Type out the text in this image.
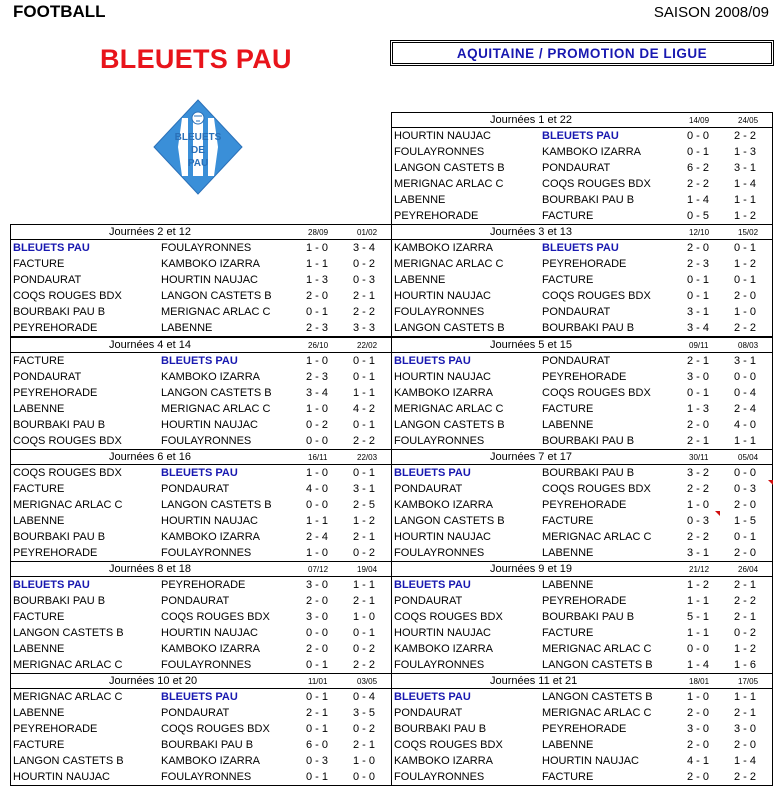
FOOTBALL	SAISON 2008/09
BLEUETS PAU	AQUITAINE / PROMOTION DE LIGUE
BLEUETS
DE
PAU
Journées 1 et 22	14/09	24/05
HOURTIN NAUJAC	BLEUETS PAU	0 - 0 2 - 2
FOULAYRONNES	KAMBOKO IZARRA	0 - 1 1 - 3
LANGON CASTETS B	PONDAURAT	6 - 2 3 - 1
MERIGNAC ARLAC C	COQS ROUGES BDX	2 - 2 1 - 4
LABENNE	BOURBAKI PAU B	1 - 4 1 - 1
PEYREHORADE	FACTURE	0 - 5 1 - 2
Journées 2 et 12	28/09	01/02
BLEUETS PAU	FOULAYRONNES	1 - 0 3 - 4
FACTURE	KAMBOKO IZARRA	1 - 1 0 - 2
PONDAURAT	HOURTIN NAUJAC	1 - 3 0 - 3
COQS ROUGES BDX	LANGON CASTETS B	2 - 0 2 - 1
BOURBAKI PAU B	MERIGNAC ARLAC C	0 - 1 2 - 2
PEYREHORADE	LABENNE	2 - 3 3 - 3
Journées 3 et 13	12/10	15/02
KAMBOKO IZARRA	BLEUETS PAU	2 - 0 0 - 1
MERIGNAC ARLAC C	PEYREHORADE	2 - 3 1 - 2
LABENNE	FACTURE	0 - 1 0 - 1
HOURTIN NAUJAC	COQS ROUGES BDX	0 - 1 2 - 0
FOULAYRONNES	PONDAURAT	3 - 1 1 - 0
LANGON CASTETS B	BOURBAKI PAU B	3 - 4 2 - 2
Journées 4 et 14	26/10	22/02
FACTURE	BLEUETS PAU	1 - 0 0 - 1
PONDAURAT	KAMBOKO IZARRA	2 - 3 0 - 1
PEYREHORADE	LANGON CASTETS B	3 - 4 1 - 1
LABENNE	MERIGNAC ARLAC C	1 - 0 4 - 2
BOURBAKI PAU B	HOURTIN NAUJAC	0 - 2 0 - 1
COQS ROUGES BDX	FOULAYRONNES	0 - 0 2 - 2
Journées 5 et 15	09/11	08/03
BLEUETS PAU	PONDAURAT	2 - 1 3 - 1
HOURTIN NAUJAC	PEYREHORADE	3 - 0 0 - 0
KAMBOKO IZARRA	COQS ROUGES BDX	0 - 1 0 - 4
MERIGNAC ARLAC C	FACTURE	1 - 3 2 - 4
LANGON CASTETS B	LABENNE	2 - 0 4 - 0
FOULAYRONNES	BOURBAKI PAU B	2 - 1 1 - 1
Journées 6 et 16	16/11	22/03
COQS ROUGES BDX	BLEUETS PAU	1 - 0 0 - 1
FACTURE	PONDAURAT	4 - 0 3 - 1
MERIGNAC ARLAC C	LANGON CASTETS B	0 - 0 2 - 5
LABENNE	HOURTIN NAUJAC	1 - 1 1 - 2
BOURBAKI PAU B	KAMBOKO IZARRA	2 - 4 2 - 1
PEYREHORADE	FOULAYRONNES	1 - 0 0 - 2
Journées 7 et 17	30/11	05/04
BLEUETS PAU	BOURBAKI PAU B	3 - 2 0 - 0
PONDAURAT	COQS ROUGES BDX	2 - 2 0 - 3
KAMBOKO IZARRA	PEYREHORADE	1 - 0 2 - 0
LANGON CASTETS B	FACTURE	0 - 3 1 - 5
HOURTIN NAUJAC	MERIGNAC ARLAC C	2 - 2 0 - 1
FOULAYRONNES	LABENNE	3 - 1 2 - 0
Journées 8 et 18	07/12	19/04
BLEUETS PAU	PEYREHORADE	3 - 0 1 - 1
BOURBAKI PAU B	PONDAURAT	2 - 0 2 - 1
FACTURE	COQS ROUGES BDX	3 - 0 1 - 0
LANGON CASTETS B	HOURTIN NAUJAC	0 - 0 0 - 1
LABENNE	KAMBOKO IZARRA	2 - 0 0 - 2
MERIGNAC ARLAC C	FOULAYRONNES	0 - 1 2 - 2
Journées 9 et 19	21/12	26/04
BLEUETS PAU	LABENNE	1 - 2 2 - 1
PONDAURAT	PEYREHORADE	1 - 1 2 - 2
COQS ROUGES BDX	BOURBAKI PAU B	5 - 1 2 - 1
HOURTIN NAUJAC	FACTURE	1 - 1 0 - 2
KAMBOKO IZARRA	MERIGNAC ARLAC C	0 - 0 1 - 2
FOULAYRONNES	LANGON CASTETS B	1 - 4 1 - 6
Journées 10 et 20	11/01	03/05
MERIGNAC ARLAC C	BLEUETS PAU	0 - 1 0 - 4
LABENNE	PONDAURAT	2 - 1 3 - 5
PEYREHORADE	COQS ROUGES BDX	0 - 1 0 - 2
FACTURE	BOURBAKI PAU B	6 - 0 2 - 1
LANGON CASTETS B	KAMBOKO IZARRA	0 - 3 1 - 0
HOURTIN NAUJAC	FOULAYRONNES	0 - 1 0 - 0
Journées 11 et 21	18/01	17/05
BLEUETS PAU	LANGON CASTETS B	1 - 0 1 - 1
PONDAURAT	MERIGNAC ARLAC C	2 - 0 2 - 1
BOURBAKI PAU B	PEYREHORADE	3 - 0 3 - 0
COQS ROUGES BDX	LABENNE	2 - 0 2 - 0
KAMBOKO IZARRA	HOURTIN NAUJAC	4 - 1 1 - 4
FOULAYRONNES	FACTURE	2 - 0 2 - 2
